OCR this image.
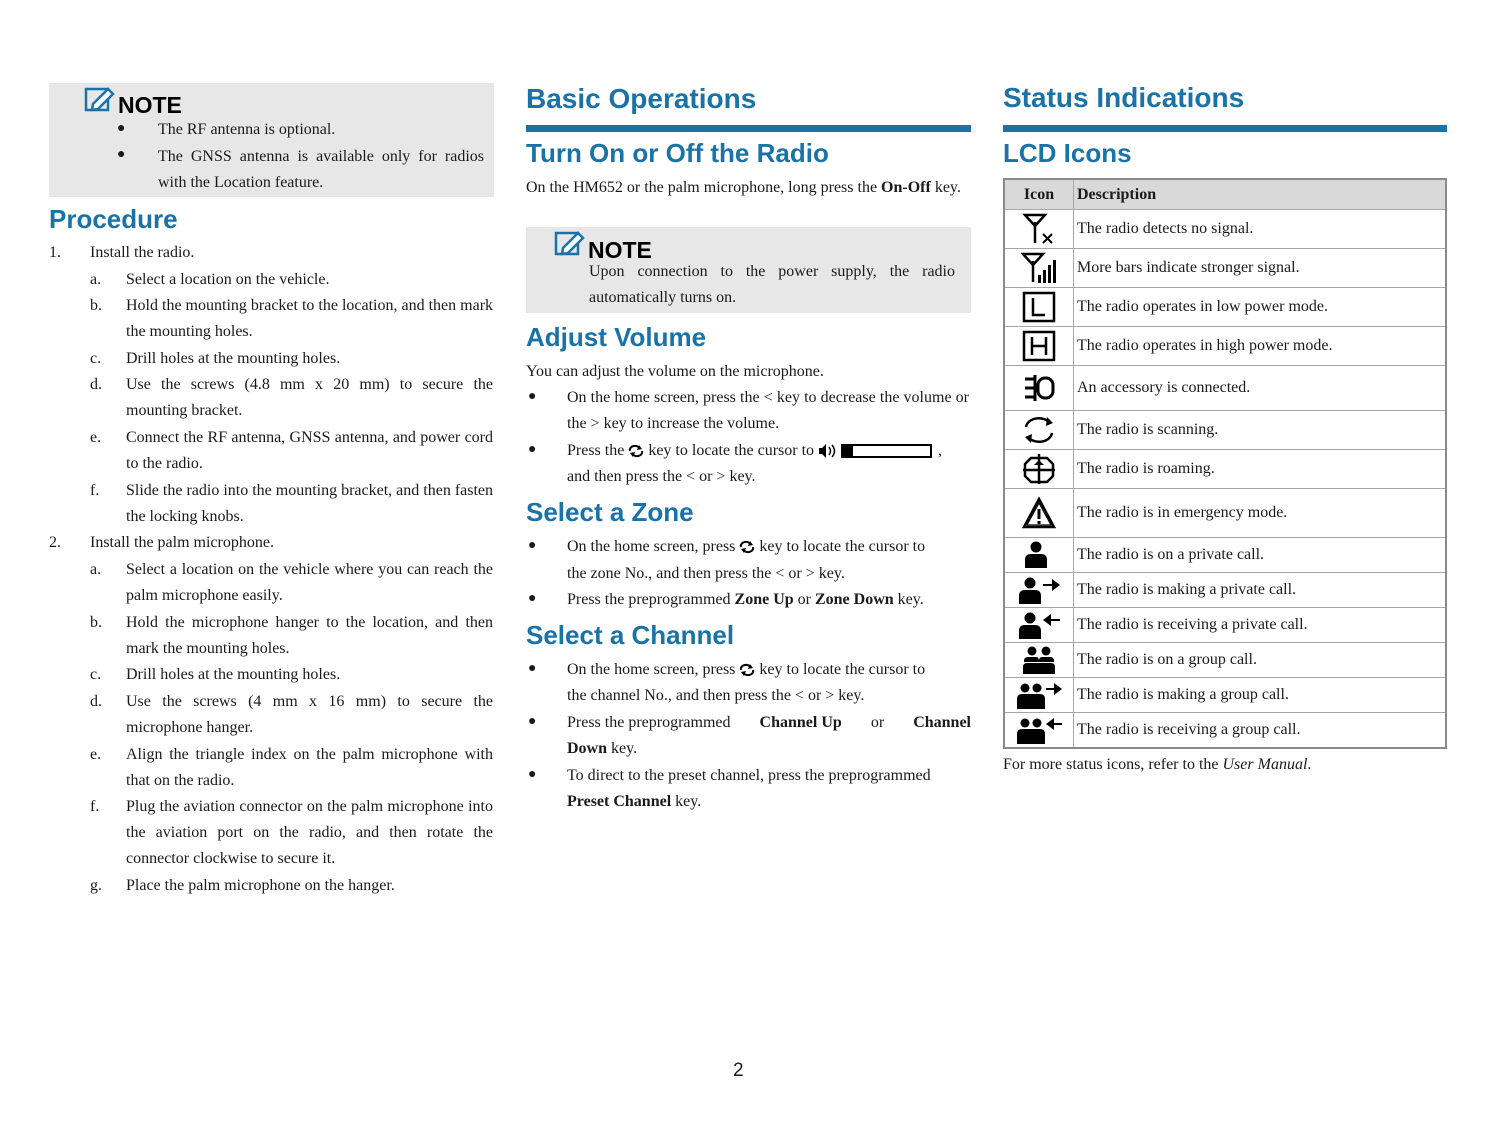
NOTE
● The RF antenna is optional.
● The GNSS antenna is available only for radios with the Location feature.
Procedure
1. Install the radio.
a. Select a location on the vehicle.
b. Hold the mounting bracket to the location, and then mark the mounting holes.
c. Drill holes at the mounting holes.
d. Use the screws (4.8 mm x 20 mm) to secure the mounting bracket.
e. Connect the RF antenna, GNSS antenna, and power cord to the radio.
f. Slide the radio into the mounting bracket, and then fasten the locking knobs.
2. Install the palm microphone.
a. Select a location on the vehicle where you can reach the palm microphone easily.
b. Hold the microphone hanger to the location, and then mark the mounting holes.
c. Drill holes at the mounting holes.
d. Use the screws (4 mm x 16 mm) to secure the microphone hanger.
e. Align the triangle index on the palm microphone with that on the radio.
f. Plug the aviation connector on the palm microphone into the aviation port on the radio, and then rotate the connector clockwise to secure it.
g. Place the palm microphone on the hanger.
Basic Operations
Turn On or Off the Radio
On the HM652 or the palm microphone, long press the On-Off key.
NOTE
Upon connection to the power supply, the radio automatically turns on.
Adjust Volume
You can adjust the volume on the microphone.
● On the home screen, press the < key to decrease the volume or the > key to increase the volume.
● Press the  key to locate the cursor to	,
and then press the < or > key.
Select a Zone
● On the home screen, press  key to locate the cursor to
the zone No., and then press the < or > key.
● Press the preprogrammed Zone Up or Zone Down key.
Select a Channel
● On the home screen, press  key to locate the cursor to
the channel No., and then press the < or > key.
● Press the preprogrammed Channel Up or Channel
Down key.
● To direct to the preset channel, press the preprogrammed
Preset Channel key.
Status Indications
LCD Icons
Icon	Description

	The radio detects no signal.

	More bars indicate stronger signal.

	The radio operates in low power mode.

	The radio operates in high power mode.

	An accessory is connected.

	The radio is scanning.

	The radio is roaming.

	The radio is in emergency mode.

	The radio is on a private call.

	The radio is making a private call.

	The radio is receiving a private call.

	The radio is on a group call.

	The radio is making a group call.

	The radio is receiving a group call.
For more status icons, refer to the User Manual.
2
